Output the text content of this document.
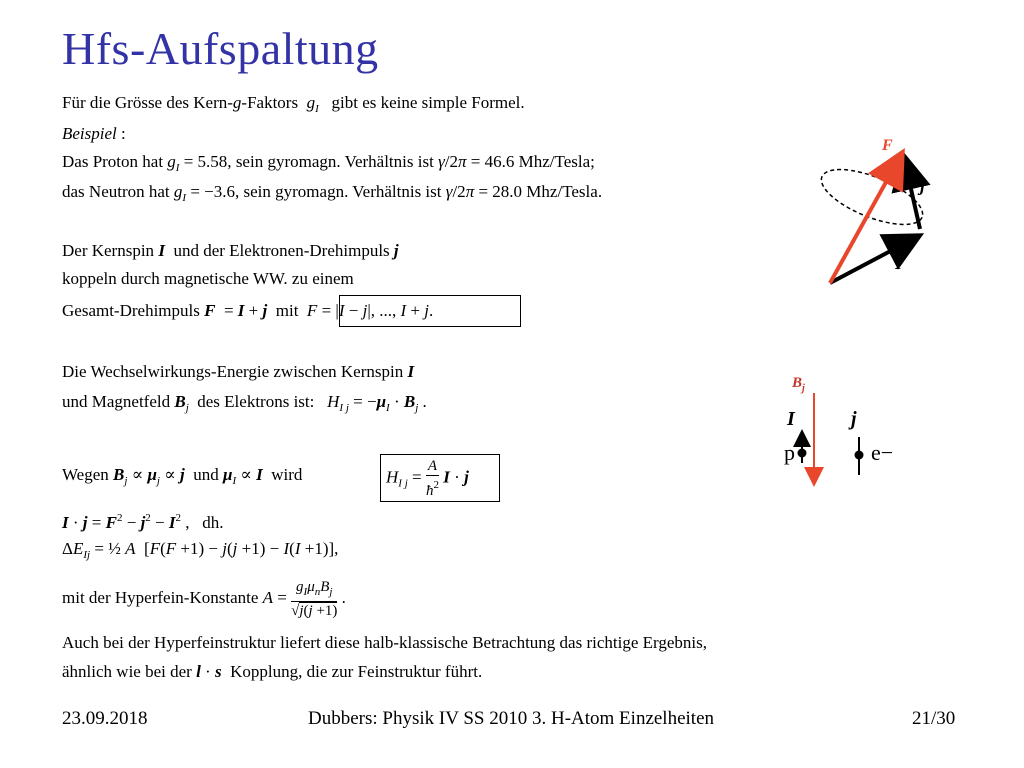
Hfs-Aufspaltung
Für die Grösse des Kern-g-Faktors  $g_I$   gibt es keine simple Formel.
Beispiel :
Das Proton hat $g_I = 5.58$, sein gyromagn. Verhältnis ist γ/2π = 46.6 Mhz/Tesla;
das Neutron hat $g_I = -3.6$, sein gyromagn. Verhältnis ist γ/2π = 28.0 Mhz/Tesla.
Der Kernspin I  und der Elektronen-Drehimpuls j
koppeln durch magnetische WW. zu einem
Gesamt-Drehimpuls F  = I + j  mit  F = |I − j|, ..., I + j.
Die Wechselwirkungs-Energie zwischen Kernspin I
und Magnetfeld $B_j$  des Elektrons ist:   $H_{I j} = -\mu_I \cdot B_j$ .
Wegen $B_j \propto \mu_j \propto j$  und $\mu_I \propto I$  wird	$H_{I j} = \frac{A}{ħ^2}$ I · j
$I \cdot j = F^2 - j^2 - I^2$ ,   dh.
$\Delta E_{Ij}$ = ½ A  [F(F +1) − j(j +1) − I(I +1)],
mit der Hyperfein-Konstante $A = \frac{g_I\mu_nB_j}{√j(j +1)}$ .
Auch bei der Hyperfeinstruktur liefert diese halb-klassische Betrachtung das richtige Ergebnis,
ähnlich wie bei der l · s  Kopplung, die zur Feinstruktur führt.
F
j
I
$B_j$
I	j
p	e−
23.09.2018	Dubbers: Physik IV SS 2010 3. H-Atom Einzelheiten	21/30
